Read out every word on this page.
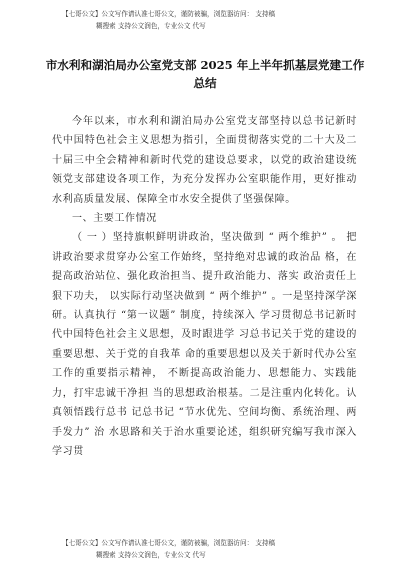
【七哥公文】公文写作请认准七哥公文，谨防被骗，浏览器访问： 支持稿
糊搜索 支持公文润色，专业公文 代写
市水利和湖泊局办公室党支部 2025 年上半年抓基层党建工作总结

今年以来，市水利和湖泊局办公室党支部坚持以总书记新时代中国特色社会主义思想为指引，全面贯彻落实党的二十大及二十届三中全会精神和新时代党的建设总要求，以党的政治建设统领党支部建设各项工作，为充分发挥办公室职能作用，更好推动水利高质量发展、保障全市水安全提供了坚强保障。

一、主要工作情况

（ 一 ）坚持旗帜鲜明讲政治，坚决做到 “ 两个维护” 。 把讲政治要求贯穿办公室工作始终，坚持绝对忠诚的政治品 格，在提高政治站位、强化政治担当、提升政治能力、落实 政治责任上狠下功夫， 以实际行动坚决做到 “ 两个维护” 。一是坚持深学深研。认真执行 “第一议题” 制度，持续深入 学习贯彻总书记新时代中国特色社会主义思想，及时跟进学 习总书记关于党的建设的重要思想、关于党的自我革 命的重要思想以及关于新时代办公室工作的重要指示精神， 不断提高政治能力、思想能力、实践能力，打牢忠诚干净担 当的思想政治根基。二是注重内化转化。认真领悟践行总书 记总书记 “节水优先、空间均衡、系统治理、两手发力” 治 水思路和关于治水重要论述，组织研究编写我市深入学习贯

【七哥公文】公文写作请认准七哥公文，谨防被骗，浏览器访问： 支持稿
糊搜索 支持公文润色，专业公文 代写
